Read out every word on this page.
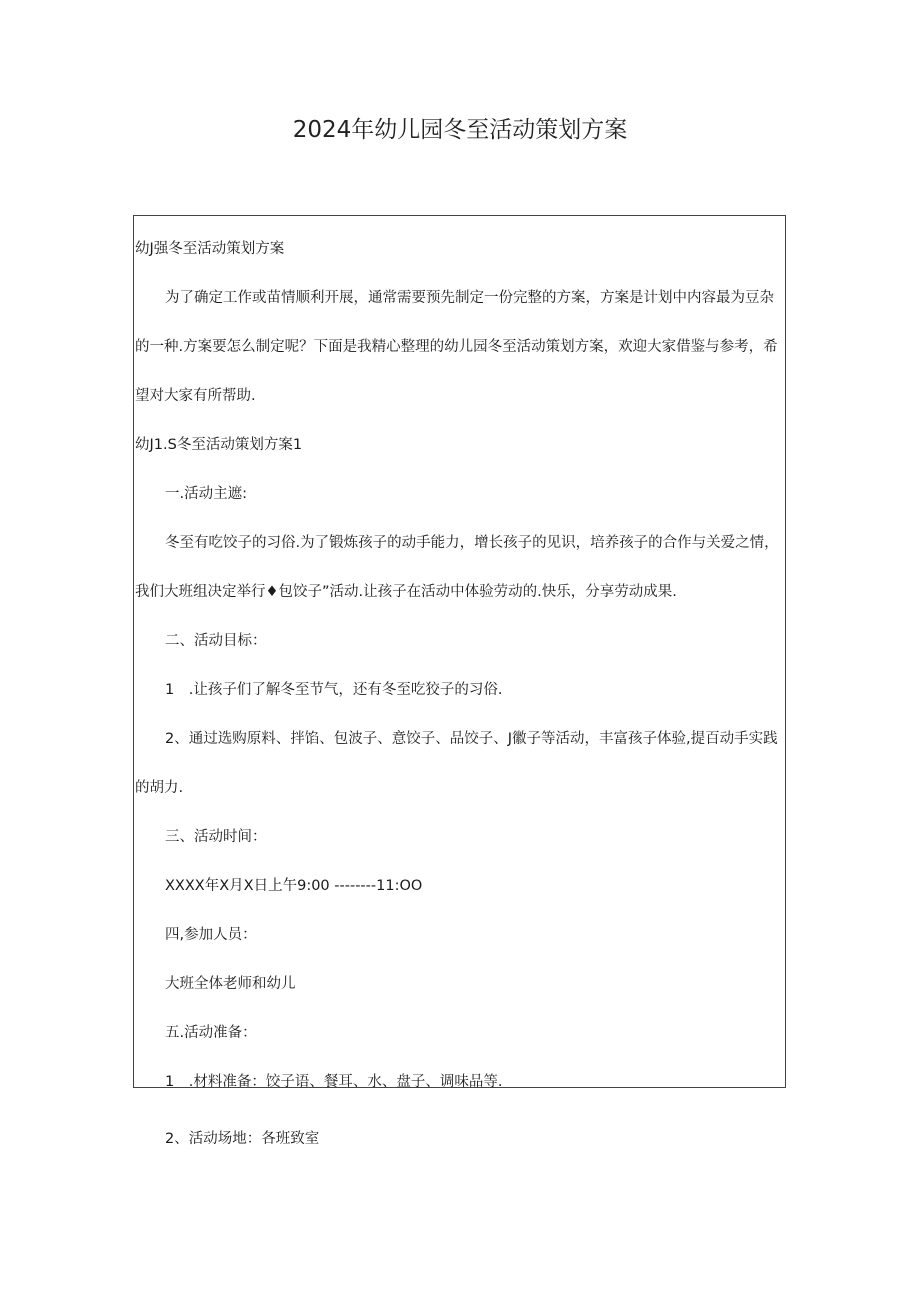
2024年幼儿园冬至活动策划方案
幼J强冬至活动策划方案
为了确定工作或苗情顺利开展，通常需要预先制定一份完整的方案，方案是计划中内容最为豆杂
的一种.方案要怎么制定呢？下面是我精心整理的幼儿园冬至活动策划方案，欢迎大家借鉴与参考，希
望对大家有所帮助.
幼J1.S冬至活动策划方案1
一.活动主遮:
冬至有吃饺子的习俗.为了锻炼孩子的动手能力，增长孩子的见识，培养孩子的合作与关爱之情，
我们大班组决定举行♦包饺子”活动.让孩子在活动中体验劳动的.快乐，分享劳动成果.
二、活动目标：
1　.让孩子们了解冬至节气，还有冬至吃狡子的习俗.
2、通过选购原料、拌馅、包波子、意饺子、品饺子、J徽子等活动，丰富孩子体验,提百动手实践
的胡力.
三、活动时间：
XXXX年X月X日上午9:00 --------11:OO
四,参加人员：
大班全体老师和幼儿
五.活动准备：
1　.材料准备：饺子语、餐耳、水、盘子、调味品等.
2、活动场地：各班致室
